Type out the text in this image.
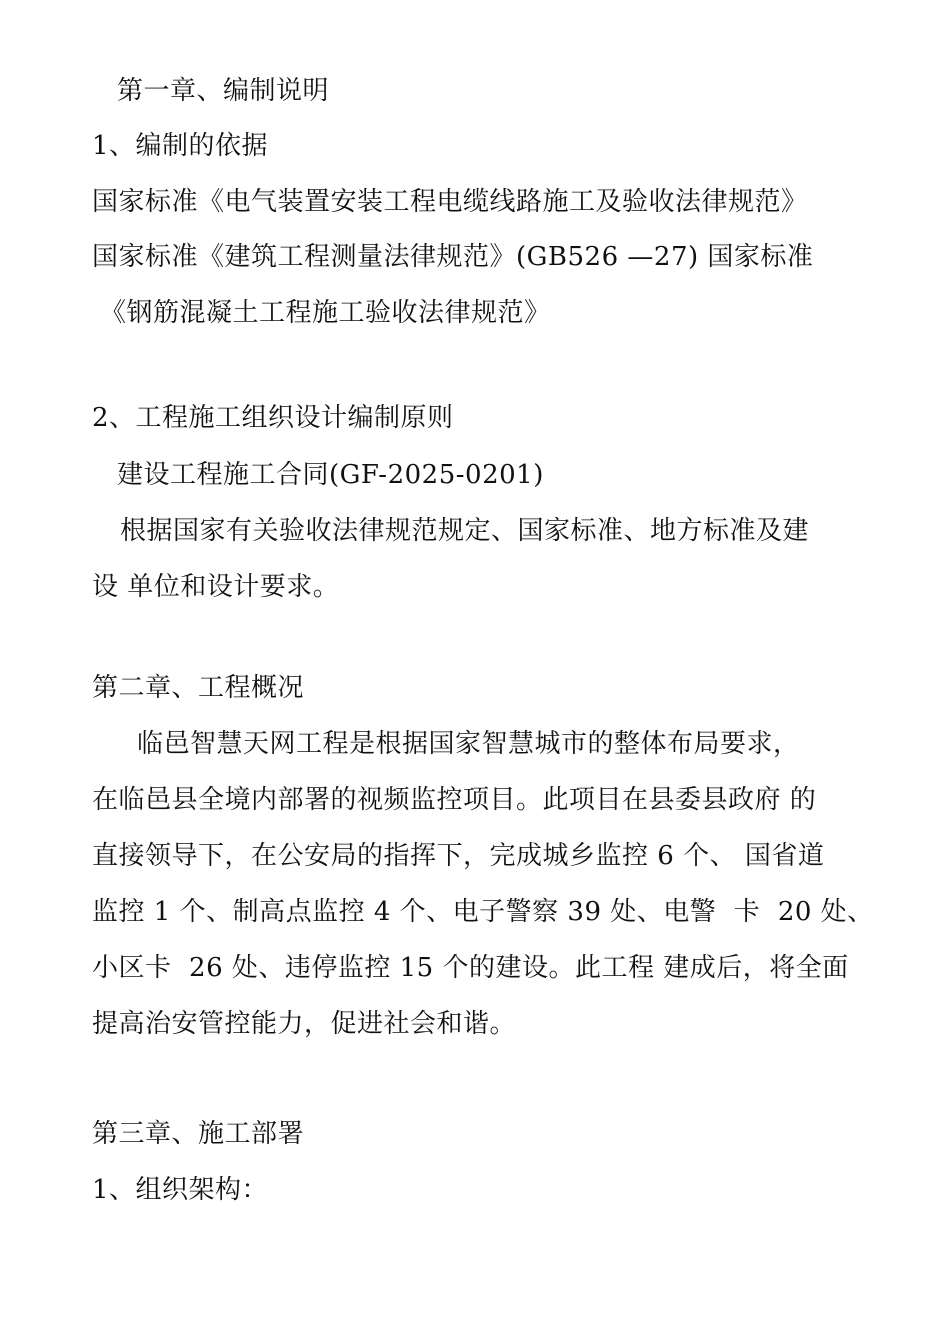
第一章、编制说明
1、编制的依据
国家标准《电气装置安装工程电缆线路施工及验收法律规范》
国家标准《建筑工程测量法律规范》(GB526 —27) 国家标准
《钢筋混凝土工程施工验收法律规范》
2、工程施工组织设计编制原则
建设工程施工合同(GF-2025-0201)
根据国家有关验收法律规范规定、国家标准、地方标准及建
设 单位和设计要求。
第二章、工程概况
临邑智慧天网工程是根据国家智慧城市的整体布局要求，
在临邑县全境内部署的视频监控项目。此项目在县委县政府 的
直接领导下，在公安局的指挥下，完成城乡监控 6 个、 国省道
监控 1 个、制高点监控 4 个、电子警察 39 处、电警  卡  20 处、
小区卡  26 处、违停监控 15 个的建设。此工程 建成后，将全面
提高治安管控能力，促进社会和谐。
第三章、施工部署
1、组织架构：
